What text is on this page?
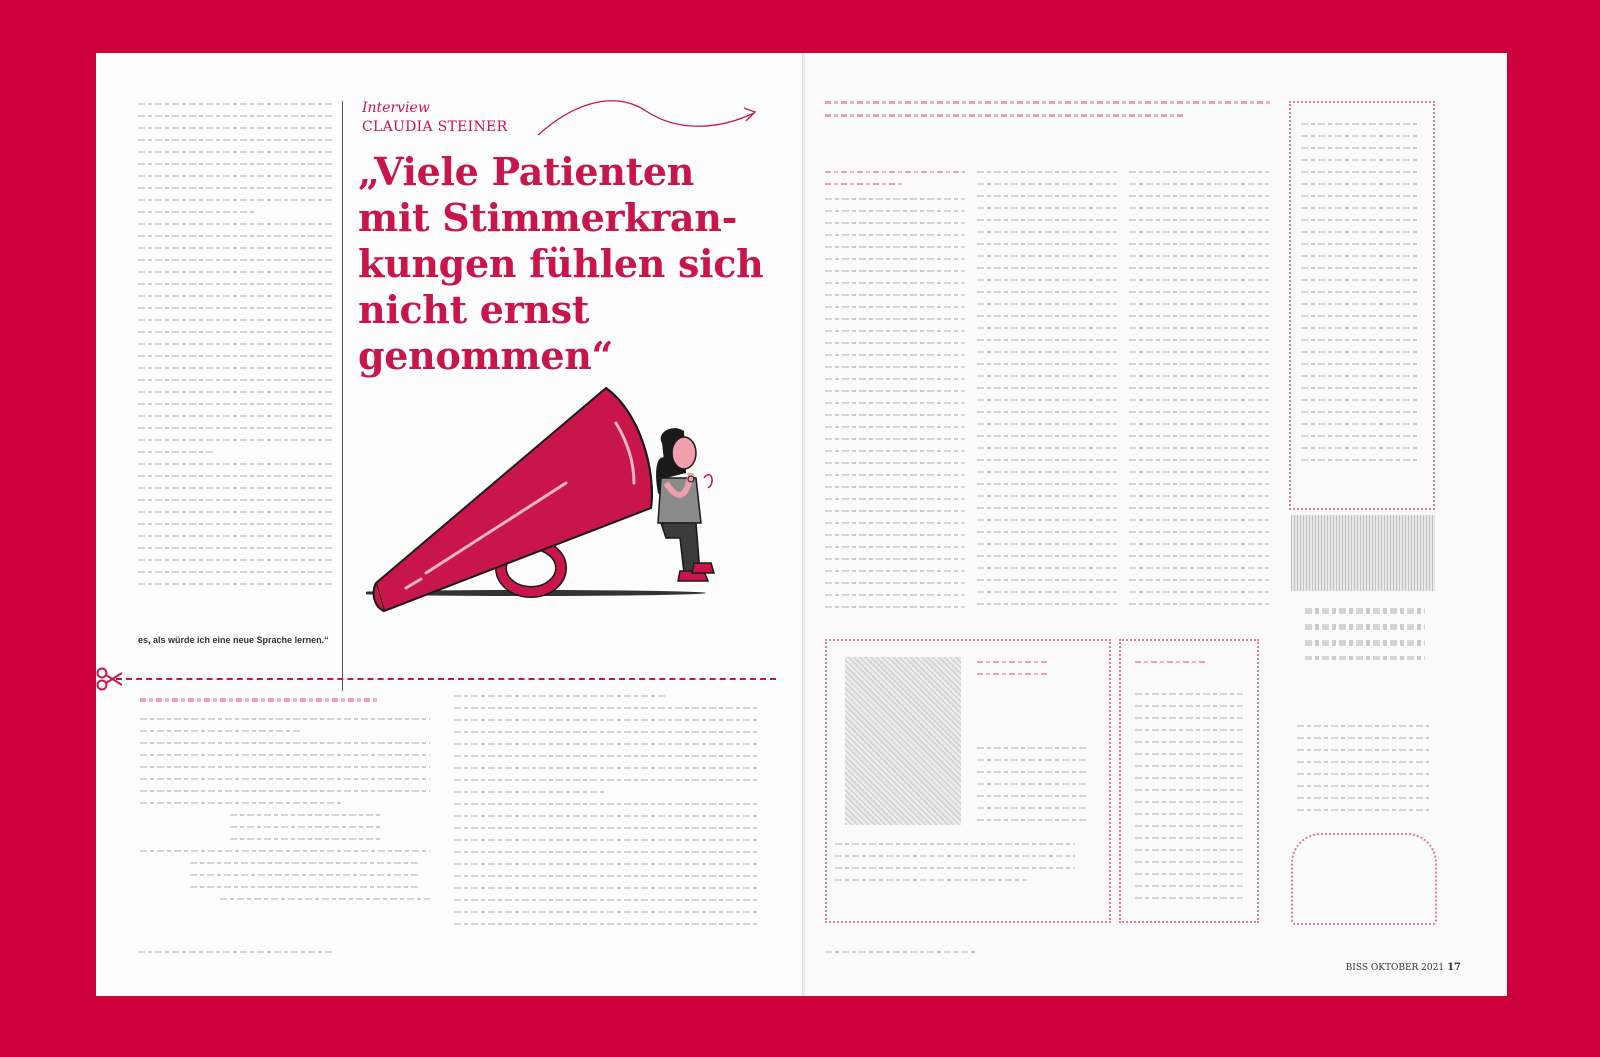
es, als würde ich eine neue Sprache lernen.“
Interview
CLAUDIA STEINER
„Viele Patienten mit Stimmerkran-kungen fühlen sich nicht ernst genommen“
BISS OKTOBER 2021 17
